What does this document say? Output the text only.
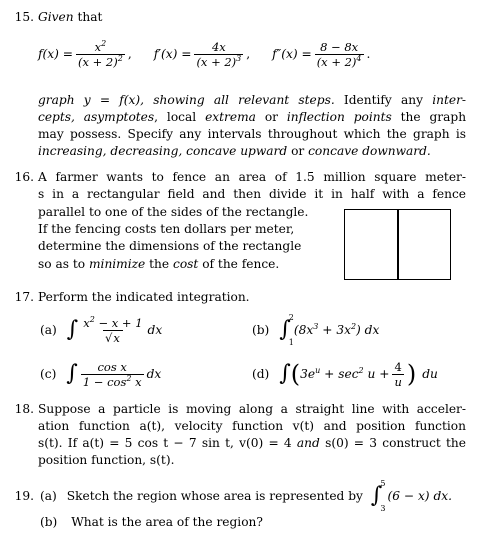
15. Given that
$f(x) = \frac{x^2}{(x + 2)^2}$ , $f'(x) = \frac{4x}{(x + 2)^3}$ , $f''(x) = \frac{8 - 8x}{(x + 2)^4}$ .
graph y = f(x), showing all relevant steps. Identify any inter-
cepts, asymptotes, local extrema or inflection points the graph
may possess. Specify any intervals throughout which the graph is
increasing, decreasing, concave upward or concave downward.
16. A farmer wants to fence an area of 1.5 million square meter-
s in a rectangular field and then divide it in half with a fence
parallel to one of the sides of the rectangle.
If the fencing costs ten dollars per meter,
determine the dimensions of the rectangle
so as to minimize the cost of the fence.
17. Perform the indicated integration.
(a) ∫ $\frac{x^2 - x + 1}{√x}$ dx	(b) ∫
2
1
$(8x^3 + 3x^2)$ dx
(c) ∫ $\frac{\text{cos x}}{1 - \cos^2 x}$ dx	(d) ∫ ( $3e^u + \sec^2 u + \frac{4}{u}$ ) du
18. Suppose a particle is moving along a straight line with acceler-
ation function a(t), velocity function v(t) and position function
s(t). If a(t) = 5 cos t − 7 sin t, v(0) = 4 and s(0) = 3 construct the
position function, s(t).
19. (a) Sketch the region whose area is represented by ∫
5
3
(6 − x) dx.
(b) What is the area of the region?
